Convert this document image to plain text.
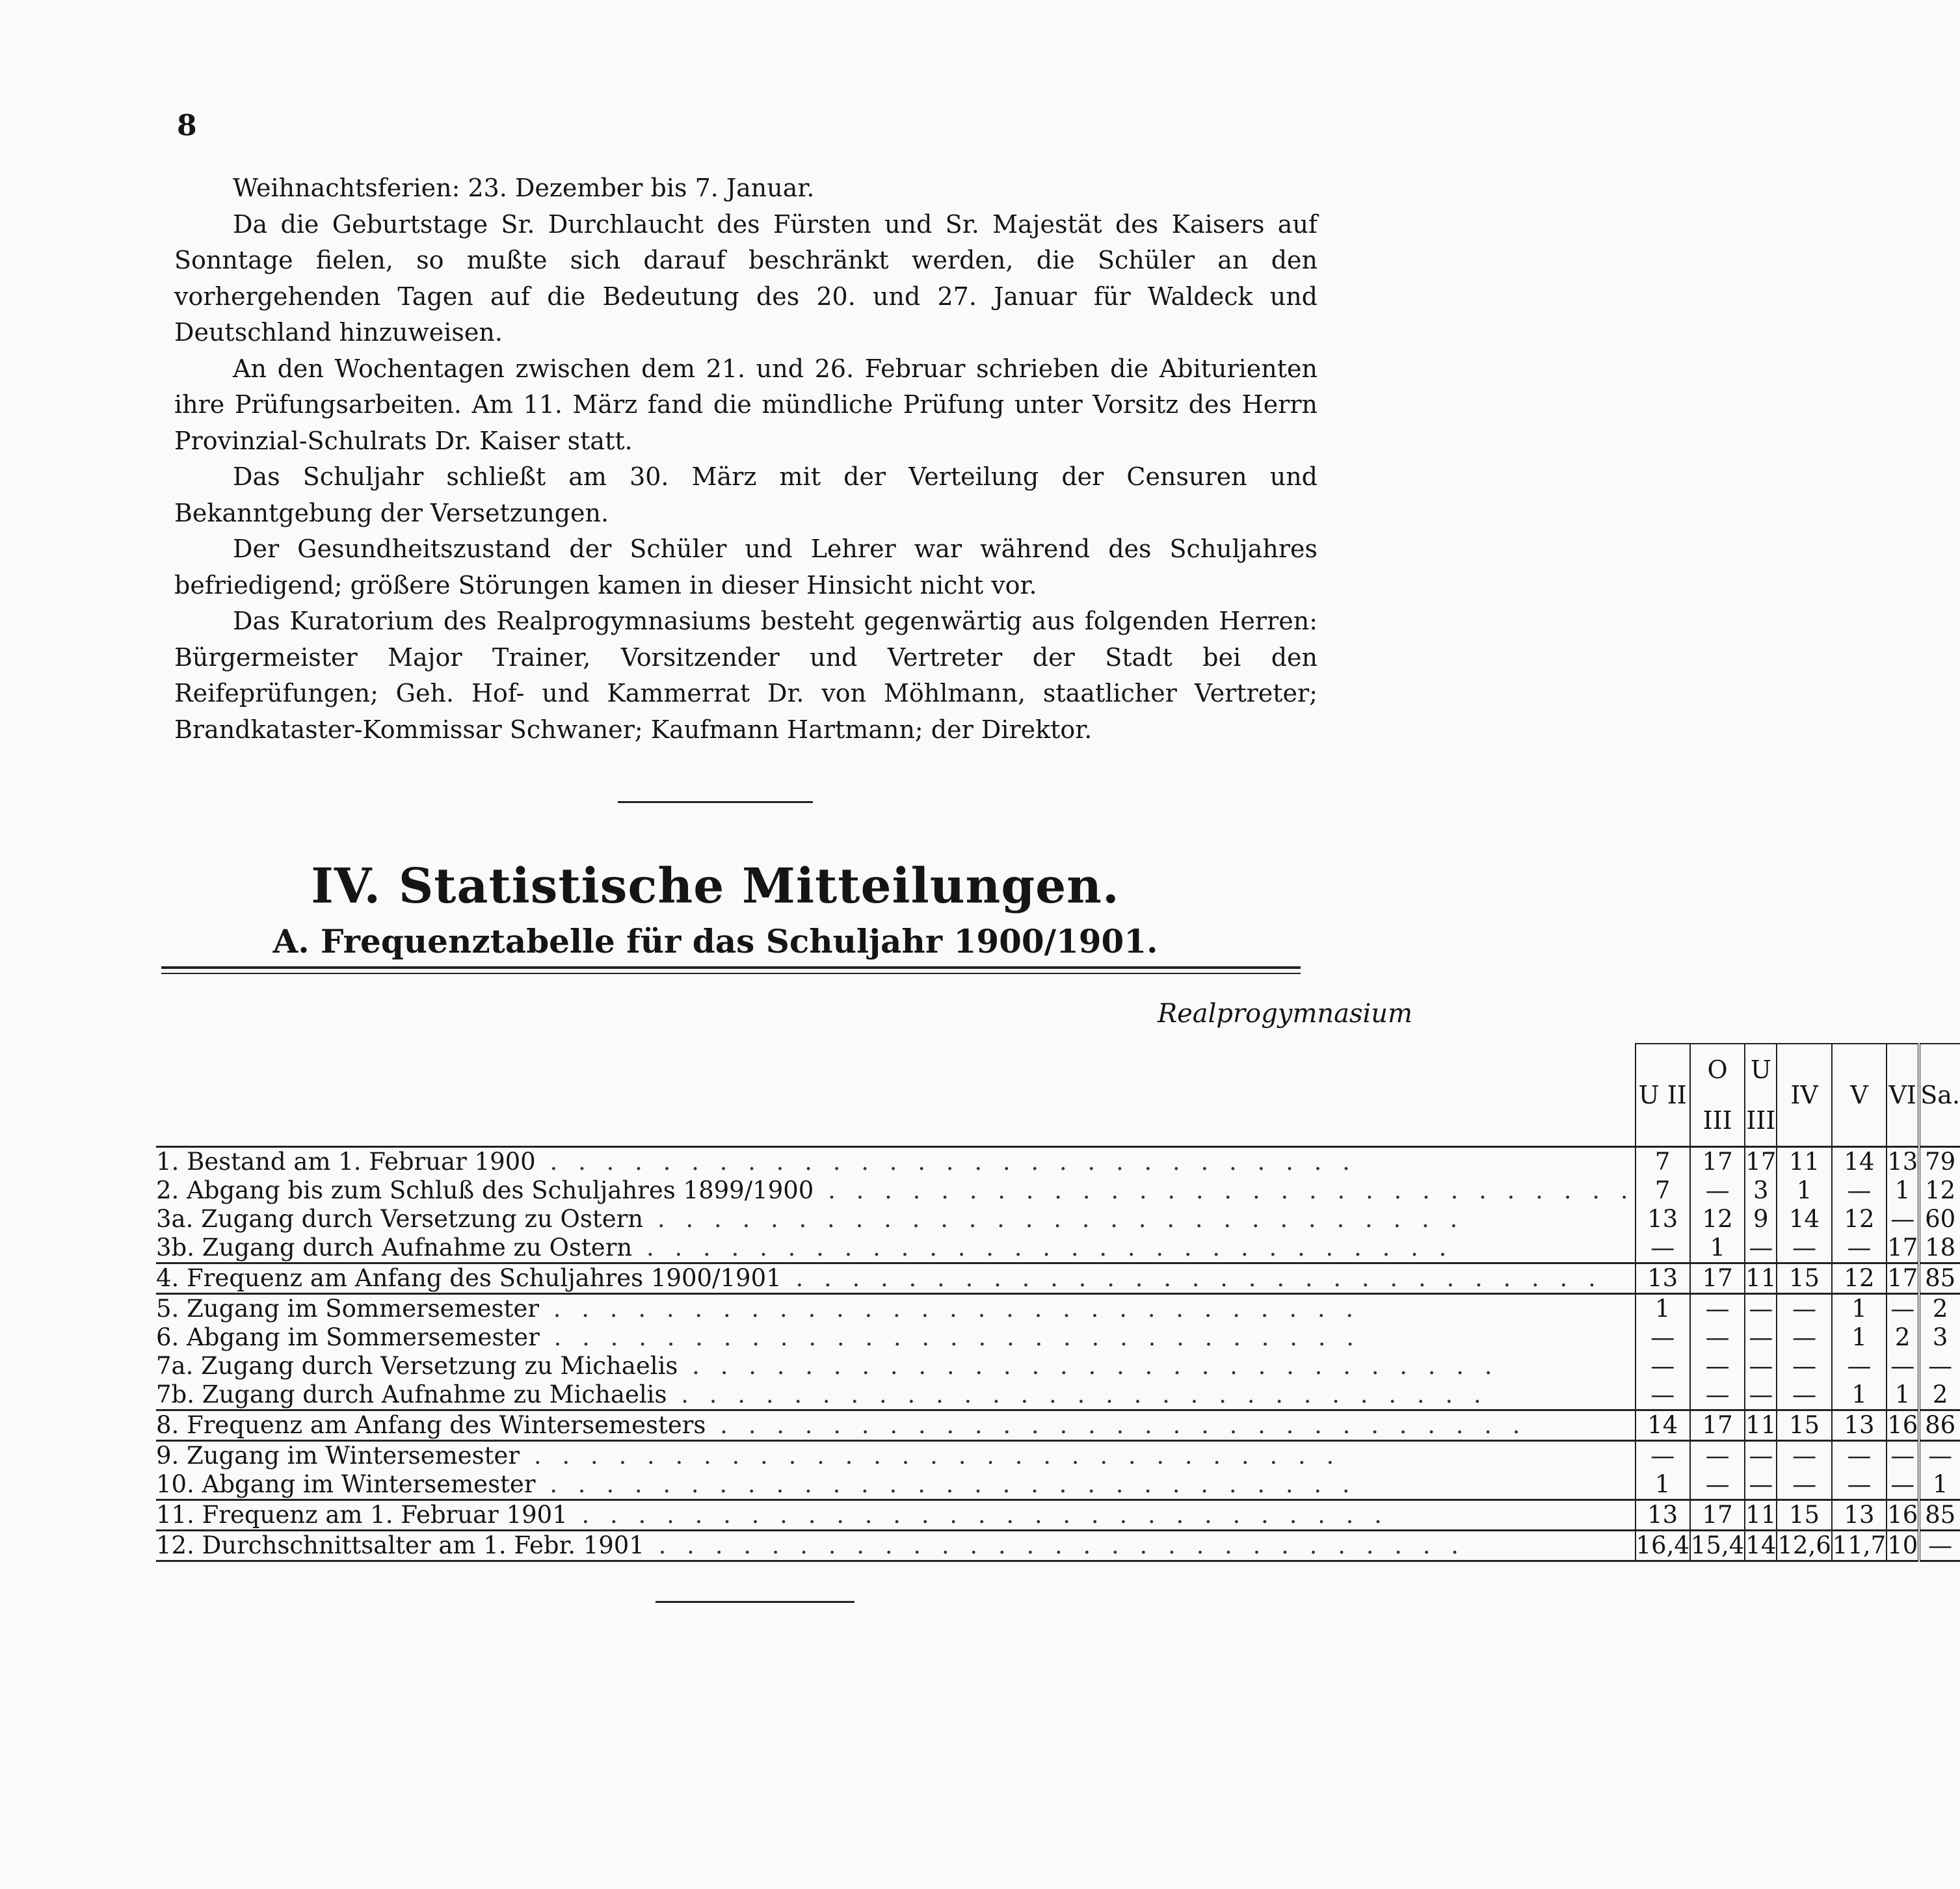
8

Weihnachtsferien: 23. Dezember bis 7. Januar.

Da die Geburtstage Sr. Durchlaucht des Fürsten und Sr. Majestät des Kaisers auf Sonntage fielen, so mußte sich darauf beschränkt werden, die Schüler an den vorhergehenden Tagen auf die Bedeutung des 20. und 27. Januar für Waldeck und Deutschland hinzuweisen.

An den Wochentagen zwischen dem 21. und 26. Februar schrieben die Abiturienten ihre Prüfungsarbeiten. Am 11. März fand die mündliche Prüfung unter Vorsitz des Herrn Provinzial-Schulrats Dr. Kaiser statt.

Das Schuljahr schließt am 30. März mit der Verteilung der Censuren und Bekanntgebung der Versetzungen.

Der Gesundheitszustand der Schüler und Lehrer war während des Schuljahres befriedigend; größere Störungen kamen in dieser Hinsicht nicht vor.

Das Kuratorium des Realprogymnasiums besteht gegenwärtig aus folgenden Herren: Bürgermeister Major Trainer, Vorsitzender und Vertreter der Stadt bei den Reifeprüfungen; Geh. Hof- und Kammerrat Dr. von Möhlmann, staatlicher Vertreter; Brandkataster-Kommissar Schwaner; Kaufmann Hartmann; der Direktor.

IV. Statistische Mitteilungen.
A. Frequenztabelle für das Schuljahr 1900/1901.
Realprogymnasium
	U II	O III	U III	IV	V	VI	Sa.
1. Bestand am 1. Februar 1900 . . . . . . . . . . . . . . . . . . . . . . . . . . . . .	7	17	17	11	14	13	79
2. Abgang bis zum Schluß des Schuljahres 1899/1900 . . . . . . . . . . . . . . . . . . . . . . . . . . . . .	7	—	3	1	—	1	12
3a. Zugang durch Versetzung zu Ostern . . . . . . . . . . . . . . . . . . . . . . . . . . . . .	13	12	9	14	12	—	60
3b. Zugang durch Aufnahme zu Ostern . . . . . . . . . . . . . . . . . . . . . . . . . . . . .	—	1	—	—	—	17	18
4. Frequenz am Anfang des Schuljahres 1900/1901 . . . . . . . . . . . . . . . . . . . . . . . . . . . . .	13	17	11	15	12	17	85
5. Zugang im Sommersemester . . . . . . . . . . . . . . . . . . . . . . . . . . . . .	1	—	—	—	1	—	2
6. Abgang im Sommersemester . . . . . . . . . . . . . . . . . . . . . . . . . . . . .	—	—	—	—	1	2	3
7a. Zugang durch Versetzung zu Michaelis . . . . . . . . . . . . . . . . . . . . . . . . . . . . .	—	—	—	—	—	—	—
7b. Zugang durch Aufnahme zu Michaelis . . . . . . . . . . . . . . . . . . . . . . . . . . . . .	—	—	—	—	1	1	2
8. Frequenz am Anfang des Wintersemesters . . . . . . . . . . . . . . . . . . . . . . . . . . . . .	14	17	11	15	13	16	86
9. Zugang im Wintersemester . . . . . . . . . . . . . . . . . . . . . . . . . . . . .	—	—	—	—	—	—	—
10. Abgang im Wintersemester . . . . . . . . . . . . . . . . . . . . . . . . . . . . .	1	—	—	—	—	—	1
11. Frequenz am 1. Februar 1901 . . . . . . . . . . . . . . . . . . . . . . . . . . . . .	13	17	11	15	13	16	85
12. Durchschnittsalter am 1. Febr. 1901 . . . . . . . . . . . . . . . . . . . . . . . . . . . . .	16,4	15,4	14	12,6	11,7	10	—
